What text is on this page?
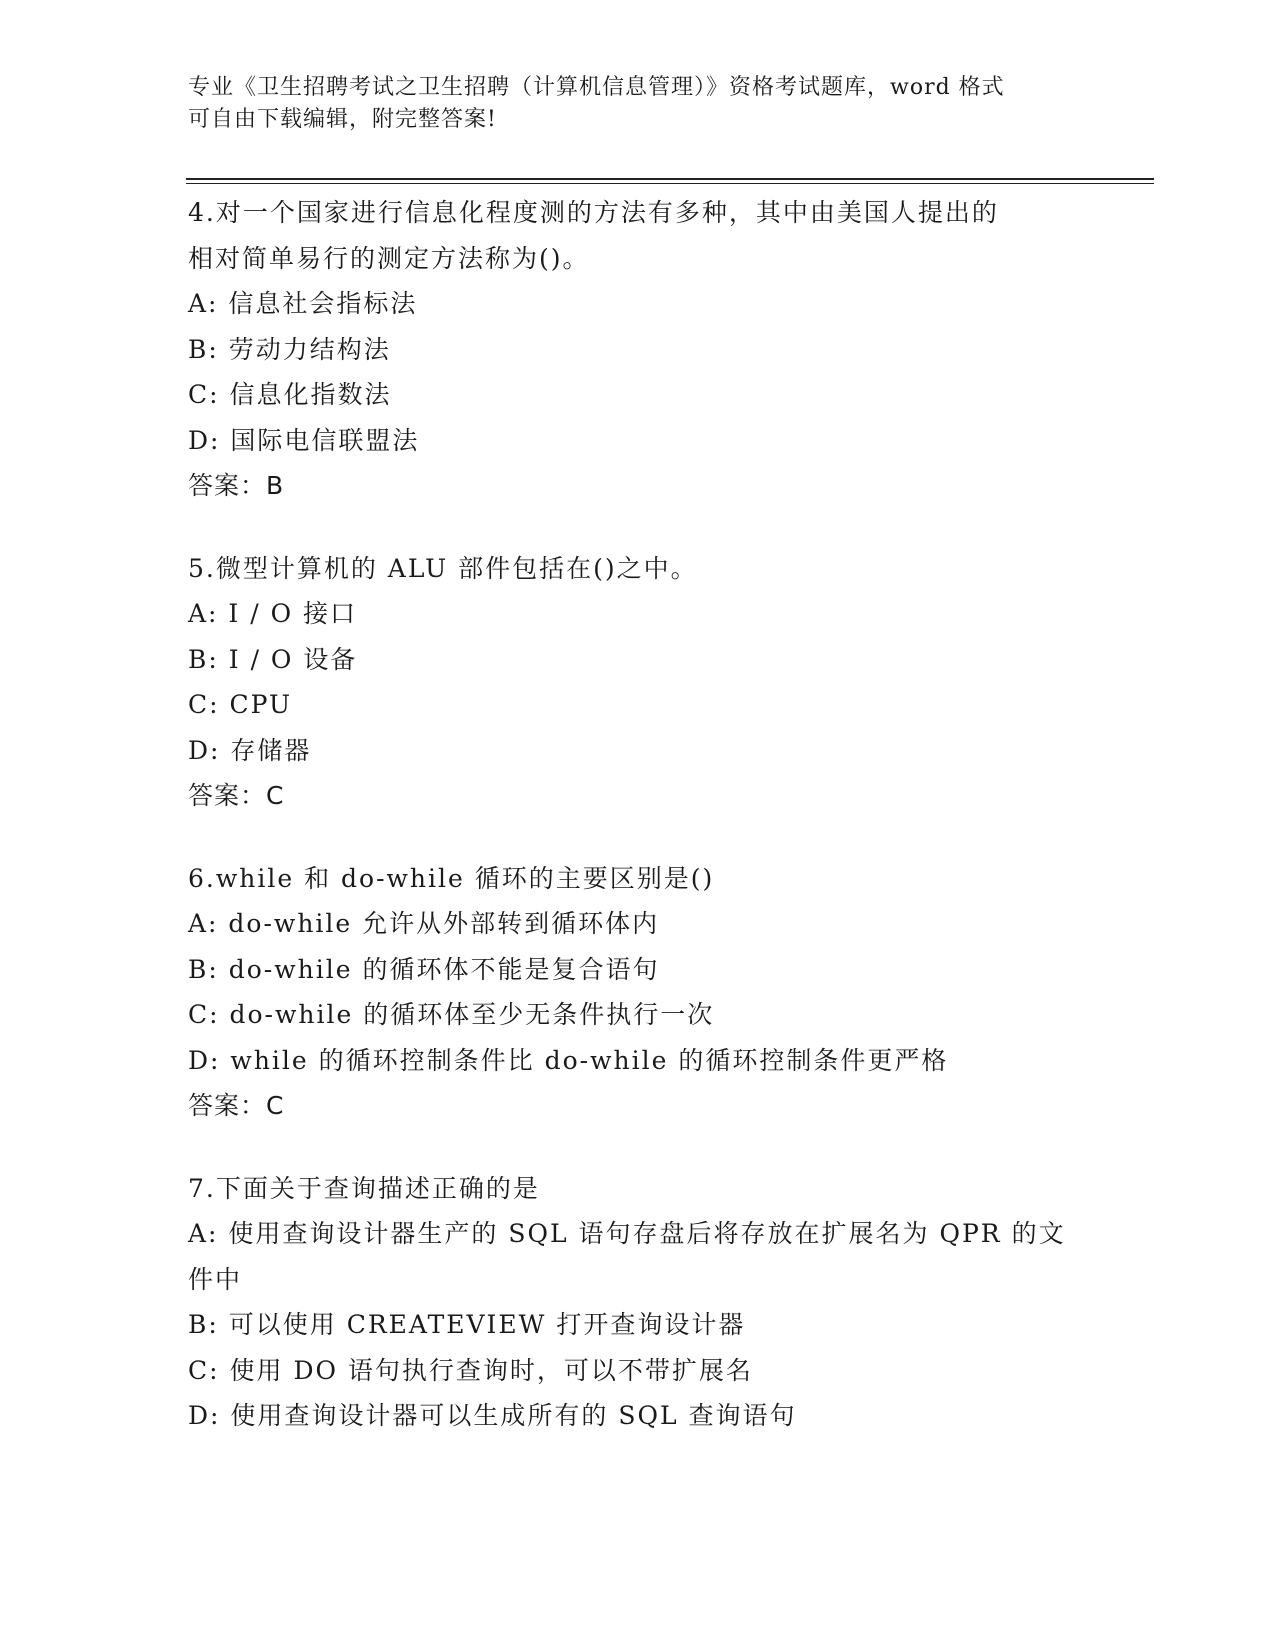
专业《卫生招聘考试之卫生招聘（计算机信息管理）》资格考试题库，word 格式
可自由下载编辑，附完整答案!
4.对一个国家进行信息化程度测的方法有多种，其中由美国人提出的
相对简单易行的测定方法称为()。
A: 信息社会指标法
B: 劳动力结构法
C: 信息化指数法
D: 国际电信联盟法
答案：B
5.微型计算机的 ALU 部件包括在()之中。
A: I / O 接口
B: I / O 设备
C: CPU
D: 存储器
答案：C
6.while 和 do-while 循环的主要区别是()
A: do-while 允许从外部转到循环体内
B: do-while 的循环体不能是复合语句
C: do-while 的循环体至少无条件执行一次
D: while 的循环控制条件比 do-while 的循环控制条件更严格
答案：C
7.下面关于查询描述正确的是
A: 使用查询设计器生产的 SQL 语句存盘后将存放在扩展名为 QPR 的文
件中
B: 可以使用 CREATEVIEW 打开查询设计器
C: 使用 DO 语句执行查询时，可以不带扩展名
D: 使用查询设计器可以生成所有的 SQL 查询语句
